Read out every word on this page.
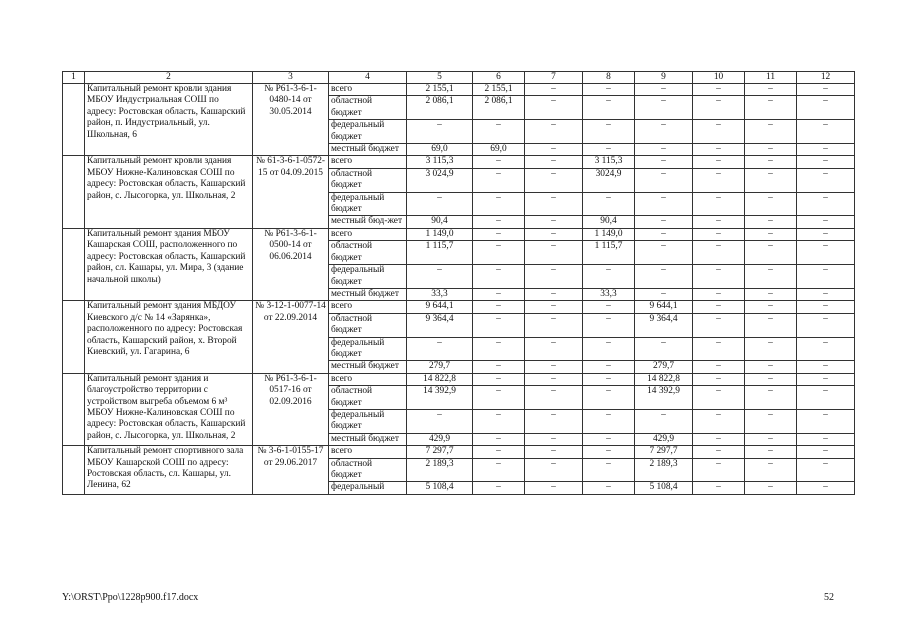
1	2	3	4	5	6	7	8	9	10	11	12
	Капитальный ремонт кровли здания МБОУ Индустриальная СОШ по адресу: Ростовская область, Кашарский район, п. Индустриальный, ул. Школьная, 6	№ Р61-3-6-1-0480-14 от 30.05.2014	всего	2 155,1	2 155,1	–	–	–	–	–	–
			областной бюджет	2 086,1	2 086,1	–	–	–	–	–	–
			федеральный бюджет	–	–	–	–	–	–	–	–
			местный бюджет	69,0	69,0	–	–	–	–	–	–
	Капитальный ремонт кровли здания МБОУ Нижне-Калиновская СОШ по адресу: Ростовская область, Кашарский район, с. Лысогорка, ул. Школьная, 2	№ 61-3-6-1-0572-15 от 04.09.2015	всего	3 115,3	–	–	3 115,3	–	–	–	–
			областной бюджет	3 024,9	–	–	3024,9	–	–	–	–
			федеральный бюджет	–	–	–	–	–	–	–	–
			местный бюд-жет	90,4	–	–	90,4	–	–	–	–
	Капитальный ремонт здания МБОУ Кашарская СОШ, расположенного по адресу: Ростовская область, Кашарский район, сл. Кашары, ул. Мира, 3 (здание начальной школы)	№ Р61-3-6-1-0500-14 от 06.06.2014	всего	1 149,0	–	–	1 149,0	–	–	–	–
			областной бюджет	1 115,7	–	–	1 115,7	–	–	–	–
			федеральный бюджет	–	–	–	–	–	–	–	–
			местный бюджет	33,3	–	–	33,3	–	–	–	–
	Капитальный ремонт здания МБДОУ Киевского д/с № 14 «Зарянка», расположенного по адресу: Ростовская область, Кашарский район, х. Второй Киевский, ул. Гагарина, 6	№ 3-12-1-0077-14 от 22.09.2014	всего	9 644,1	–	–	–	9 644,1	–	–	–
			областной бюджет	9 364,4	–	–	–	9 364,4	–	–	–
			федеральный бюджет	–	–	–	–	–	–	–	–
			местный бюджет	279,7	–	–	–	279,7	–	–	–
	Капитальный ремонт здания и благоустройство территории с устройством выгреба объемом 6 м³ МБОУ Нижне-Калиновская СОШ по адресу: Ростовская область, Кашарский район, с. Лысогорка, ул. Школьная, 2	№ Р61-3-6-1-0517-16 от 02.09.2016	всего	14 822,8	–	–	–	14 822,8	–	–	–
			областной бюджет	14 392,9	–	–	–	14 392,9	–	–	–
			федеральный бюджет	–	–	–	–	–	–	–	–
			местный бюджет	429,9	–	–	–	429,9	–	–	–
	Капитальный ремонт спортивного зала МБОУ Кашарской СОШ по адресу: Ростовская область, сл. Кашары, ул. Ленина, 62	№ 3-6-1-0155-17 от 29.06.2017	всего	7 297,7	–	–	–	7 297,7	–	–	–
			областной бюджет	2 189,3	–	–	–	2 189,3	–	–	–
			федеральный	5 108,4	–	–	–	5 108,4	–	–	–
Y:\ORST\Ppo\1228p900.f17.docx	52
